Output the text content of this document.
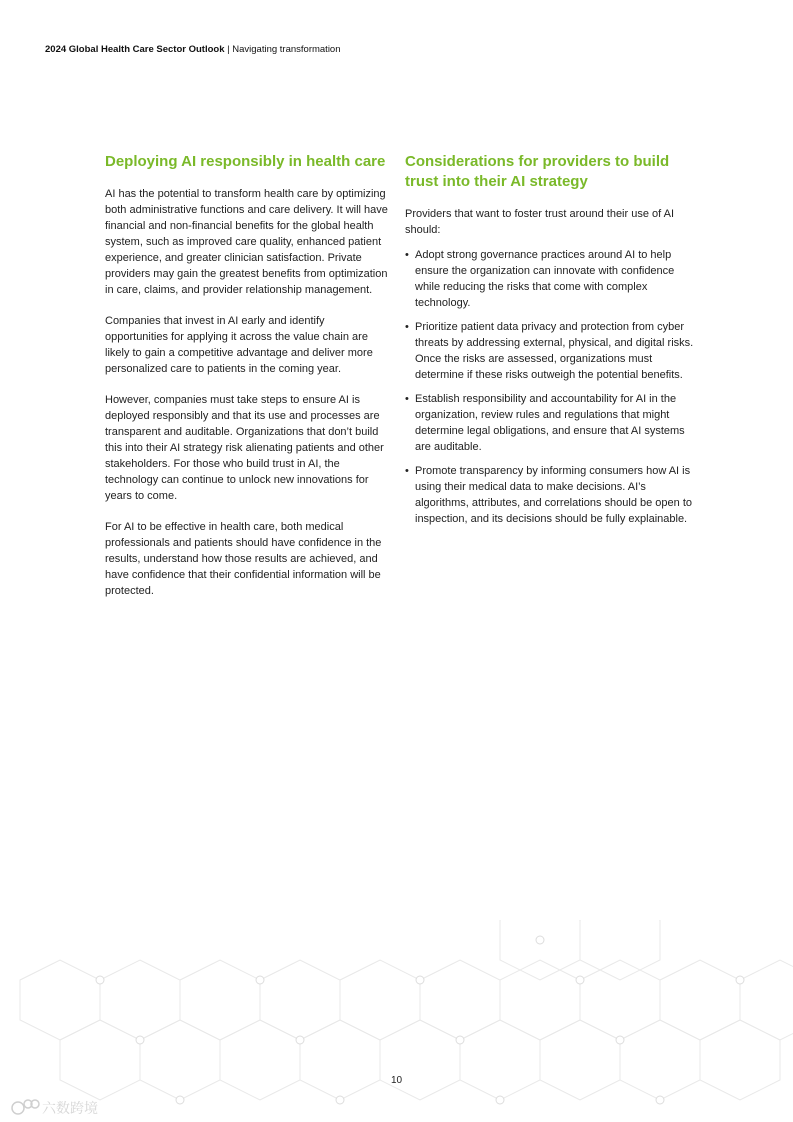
2024 Global Health Care Sector Outlook | Navigating transformation
Deploying AI responsibly in health care

AI has the potential to transform health care by optimizing both administrative functions and care delivery. It will have financial and non-financial benefits for the global health system, such as improved care quality, enhanced patient experience, and greater clinician satisfaction. Private providers may gain the greatest benefits from optimization in care, claims, and provider relationship management.

Companies that invest in AI early and identify opportunities for applying it across the value chain are likely to gain a competitive advantage and deliver more personalized care to patients in the coming year.

However, companies must take steps to ensure AI is deployed responsibly and that its use and processes are transparent and auditable. Organizations that don’t build this into their AI strategy risk alienating patients and other stakeholders. For those who build trust in AI, the technology can continue to unlock new innovations for years to come.

For AI to be effective in health care, both medical professionals and patients should have confidence in the results, understand how those results are achieved, and have confidence that their confidential information will be protected.

Considerations for providers to build trust into their AI strategy

Providers that want to foster trust around their use of AI should:

• Adopt strong governance practices around AI to help ensure the organization can innovate with confidence while reducing the risks that come with complex technology.
• Prioritize patient data privacy and protection from cyber threats by addressing external, physical, and digital risks. Once the risks are assessed, organizations must determine if these risks outweigh the potential benefits.
• Establish responsibility and accountability for AI in the organization, review rules and regulations that might determine legal obligations, and ensure that AI systems are auditable.
• Promote transparency by informing consumers how AI is using their medical data to make decisions. AI’s algorithms, attributes, and correlations should be open to inspection, and its decisions should be fully explainable.
10
六数跨境
